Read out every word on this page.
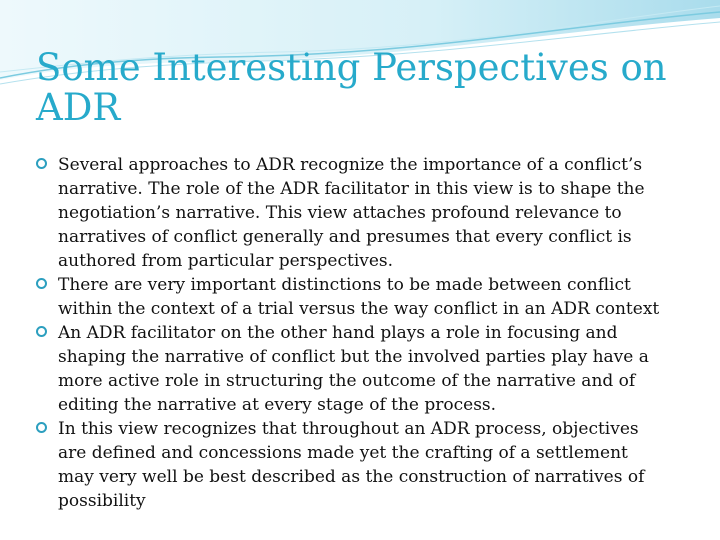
Some Interesting Perspectives on ADR
Several approaches to ADR recognize the importance of a conflict’s narrative. The role of the ADR facilitator in this view is to shape the negotiation’s narrative. This view attaches profound relevance to narratives of conflict generally and presumes that every conflict is authored from particular perspectives.
There are very important distinctions to be made between conflict within the context of a trial versus the way conflict in an ADR context
An ADR facilitator on the other hand plays a role in focusing and shaping the narrative of conflict but the involved parties play have a more active role in structuring the outcome of the narrative and of editing the narrative at every stage of the process.
In this view recognizes that throughout an ADR process, objectives are defined and concessions made yet the crafting of a settlement may very well be best described as the construction of narratives of possibility
